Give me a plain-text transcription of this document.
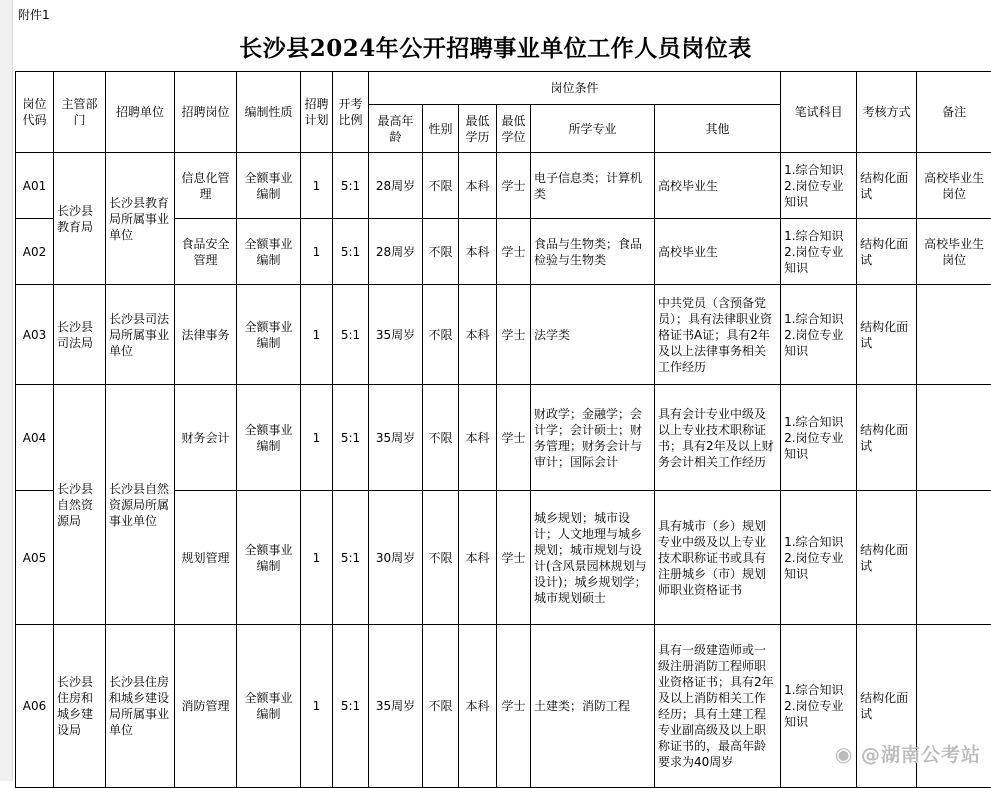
附件1
长沙县2024年公开招聘事业单位工作人员岗位表
岗位代码	主管部门	招聘单位	招聘岗位	编制性质	招聘计划	开考比例	岗位条件						笔试科目	考核方式	备注
							最高年龄	性别	最低学历	最低学位	所学专业	其他			
A01	长沙县教育局	长沙县教育局所属事业单位	信息化管理	全额事业编制	1	5:1	28周岁	不限	本科	学士	电子信息类；计算机类	高校毕业生	1.综合知识
2.岗位专业知识	结构化面试	高校毕业生岗位
A02			食品安全管理	全额事业编制	1	5:1	28周岁	不限	本科	学士	食品与生物类；食品检验与生物类	高校毕业生	1.综合知识
2.岗位专业知识	结构化面试	高校毕业生岗位
A03	长沙县司法局	长沙县司法局所属事业单位	法律事务	全额事业编制	1	5:1	35周岁	不限	本科	学士	法学类	中共党员（含预备党员）；具有法律职业资格证书A证；具有2年及以上法律事务相关工作经历	1.综合知识
2.岗位专业知识	结构化面试	
A04	长沙县自然资源局	长沙县自然资源局所属事业单位	财务会计	全额事业编制	1	5:1	35周岁	不限	本科	学士	财政学；金融学；会计学；会计硕士；财务管理；财务会计与审计；国际会计	具有会计专业中级及以上专业技术职称证书；具有2年及以上财务会计相关工作经历	1.综合知识
2.岗位专业知识	结构化面试	
A05			规划管理	全额事业编制	1	5:1	30周岁	不限	本科	学士	城乡规划；城市设计；人文地理与城乡规划；城市规划与设计(含风景园林规划与设计)；城乡规划学；城市规划硕士	具有城市（乡）规划专业中级及以上专业技术职称证书或具有注册城乡（市）规划师职业资格证书	1.综合知识
2.岗位专业知识	结构化面试	
A06	长沙县住房和城乡建设局	长沙县住房和城乡建设局所属事业单位	消防管理	全额事业编制	1	5:1	35周岁	不限	本科	学士	土建类；消防工程	具有一级建造师或一级注册消防工程师职业资格证书；具有2年及以上消防相关工作经历；具有土建工程专业副高级及以上职称证书的，最高年龄要求为40周岁	1.综合知识
2.岗位专业知识	结构化面试	
◉ @湖南公考站
